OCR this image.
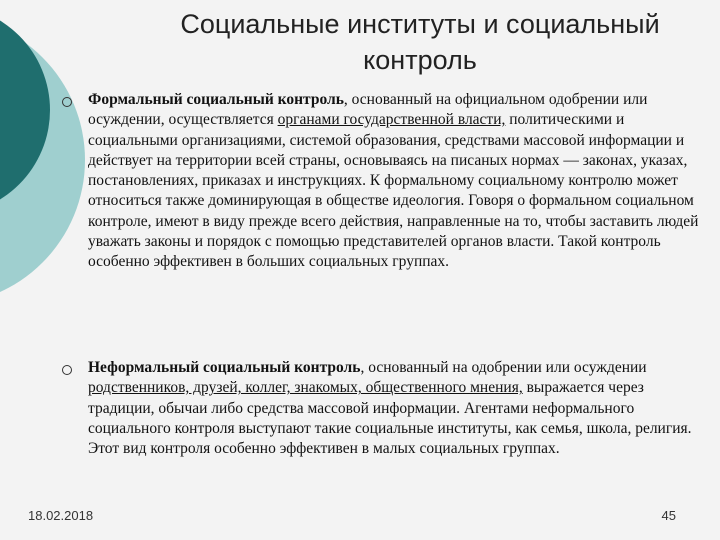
Социальные институты и социальный
контроль

Формальный социальный контроль, основанный на официальном одобрении или осуждении, осуществляется органами государственной власти, политическими и социальными организациями, системой образования, средствами массовой информации и действует на территории всей страны, основываясь на писаных нормах — законах, указах, постановлениях, приказах и инструкциях. К формальному социальному контролю может относиться также доминирующая в обществе идеология. Говоря о формальном социальном контроле, имеют в виду прежде всего действия, направленные на то, чтобы заставить людей уважать законы и порядок с помощью представителей органов власти. Такой контроль особенно эффективен в больших социальных группах.

Неформальный социальный контроль, основанный на одобрении или осуждении родственников, друзей, коллег, знакомых, общественного мнения, выражается через традиции, обычаи либо средства массовой информации. Агентами неформального социального контроля выступают такие социальные институты, как семья, школа, религия. Этот вид контроля особенно эффективен в малых социальных группах.

18.02.2018	45
